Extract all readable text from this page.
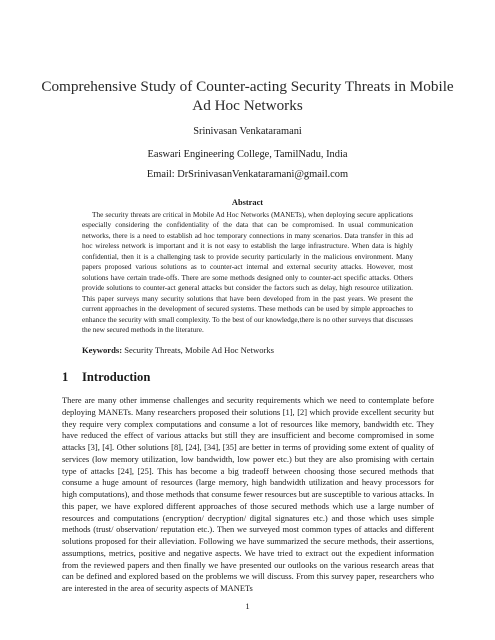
Comprehensive Study of Counter-acting Security Threats in Mobile Ad Hoc Networks
Srinivasan Venkataramani
Easwari Engineering College, TamilNadu, India
Email: DrSrinivasanVenkataramani@gmail.com
Abstract

The security threats are critical in Mobile Ad Hoc Networks (MANETs), when deploying secure applications especially considering the confidentiality of the data that can be compromised. In usual communication networks, there is a need to establish ad hoc temporary connections in many scenarios. Data transfer in this ad hoc wireless network is important and it is not easy to establish the large infrastructure. When data is highly confidential, then it is a challenging task to provide security particularly in the malicious environment. Many papers proposed various solutions as to counter-act internal and external security attacks. However, most solutions have certain trade-offs. There are some methods designed only to counter-act specific attacks. Others provide solutions to counter-act general attacks but consider the factors such as delay, high resource utilization. This paper surveys many security solutions that have been developed from in the past years. We present the current approaches in the development of secured systems. These methods can be used by simple approaches to enhance the security with small complexity. To the best of our knowledge,there is no other surveys that discusses the new secured methods in the literature.

Keywords: Security Threats, Mobile Ad Hoc Networks
1 Introduction

There are many other immense challenges and security requirements which we need to contemplate before deploying MANETs. Many researchers proposed their solutions [1], [2] which provide excellent security but they require very complex computations and consume a lot of resources like memory, bandwidth etc. They have reduced the effect of various attacks but still they are insufficient and become compromised in some attacks [3], [4]. Other solutions [8], [24], [34], [35] are better in terms of providing some extent of quality of services (low memory utilization, low bandwidth, low power etc.) but they are also promising with certain type of attacks [24], [25]. This has become a big tradeoff between choosing those secured methods that consume a huge amount of resources (large memory, high bandwidth utilization and heavy processors for high computations), and those methods that consume fewer resources but are susceptible to various attacks. In this paper, we have explored different approaches of those secured methods which use a large number of resources and computations (encryption/ decryption/ digital signatures etc.) and those which uses simple methods (trust/ observation/ reputation etc.). Then we surveyed most common types of attacks and different solutions proposed for their alleviation. Following we have summarized the secure methods, their assertions, assumptions, metrics, positive and negative aspects. We have tried to extract out the expedient information from the reviewed papers and then finally we have presented our outlooks on the various research areas that can be defined and explored based on the problems we will discuss. From this survey paper, researchers who are interested in the area of security aspects of MANETs

1
